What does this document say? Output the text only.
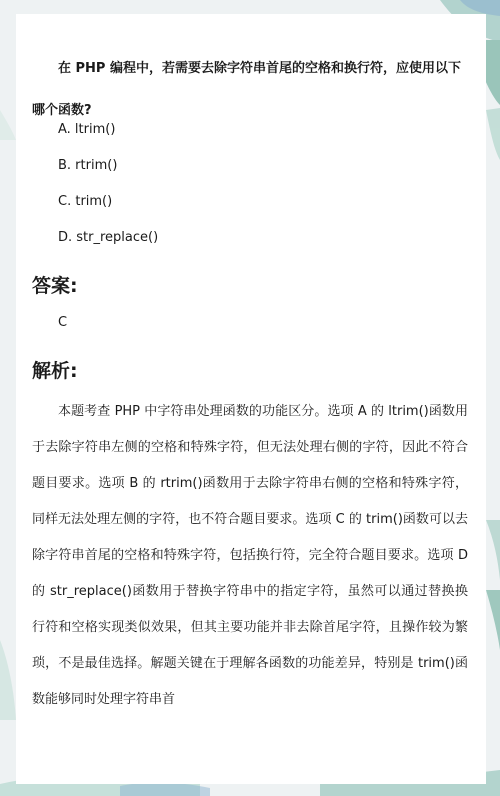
在 PHP 编程中，若需要去除字符串首尾的空格和换行符，应使用以下哪个函数?

A. ltrim()

B. rtrim()

C. trim()

D. str_replace()

答案:

C

解析:

本题考查 PHP 中字符串处理函数的功能区分。选项 A 的 ltrim()函数用于去除字符串左侧的空格和特殊字符，但无法处理右侧的字符，因此不符合题目要求。选项 B 的 rtrim()函数用于去除字符串右侧的空格和特殊字符，同样无法处理左侧的字符，也不符合题目要求。选项 C 的 trim()函数可以去除字符串首尾的空格和特殊字符，包括换行符，完全符合题目要求。选项 D 的 str_replace()函数用于替换字符串中的指定字符，虽然可以通过替换换行符和空格实现类似效果，但其主要功能并非去除首尾字符，且操作较为繁琐，不是最佳选择。解题关键在于理解各函数的功能差异，特别是 trim()函数能够同时处理字符串首
